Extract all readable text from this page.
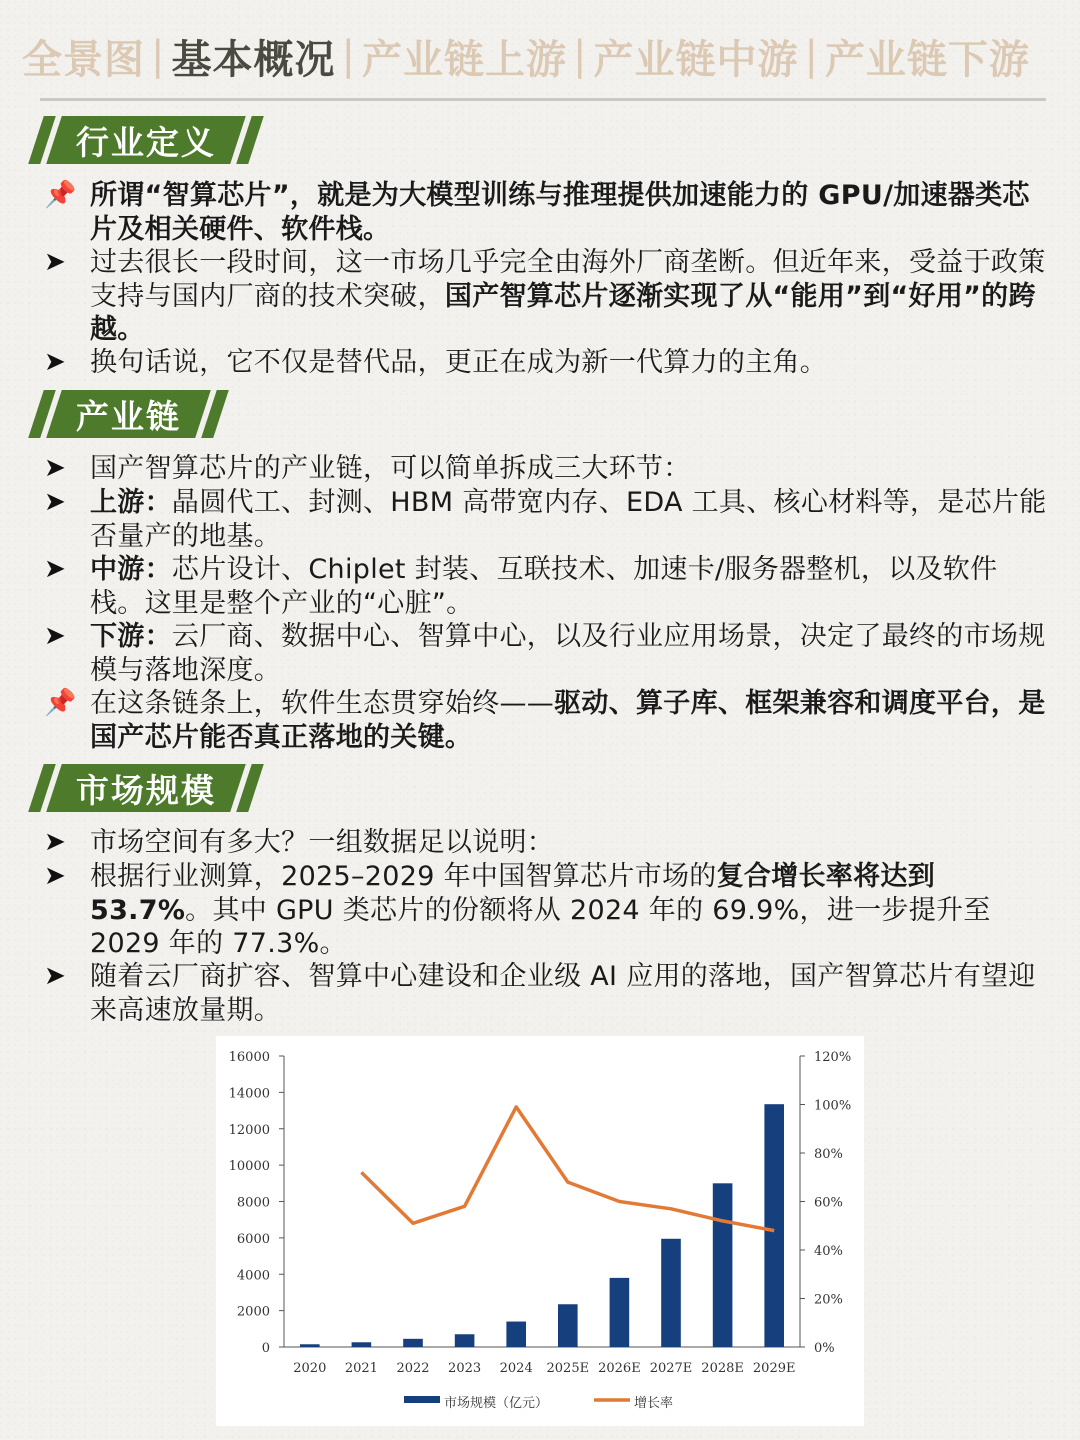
全景图 | 基本概况 | 产业链上游 | 产业链中游 | 产业链下游
行业定义
📌 所谓“智算芯片”，就是为大模型训练与推理提供加速能力的 GPU/加速器类芯片及相关硬件、软件栈。
➤ 过去很长一段时间，这一市场几乎完全由海外厂商垄断。但近年来，受益于政策支持与国内厂商的技术突破，国产智算芯片逐渐实现了从“能用”到“好用”的跨越。
➤ 换句话说，它不仅是替代品，更正在成为新一代算力的主角。
产业链
➤ 国产智算芯片的产业链，可以简单拆成三大环节：
➤ 上游：晶圆代工、封测、HBM 高带宽内存、EDA 工具、核心材料等，是芯片能否量产的地基。
➤ 中游：芯片设计、Chiplet 封装、互联技术、加速卡/服务器整机，以及软件栈。这里是整个产业的“心脏”。
➤ 下游：云厂商、数据中心、智算中心，以及行业应用场景，决定了最终的市场规模与落地深度。
📌 在这条链条上，软件生态贯穿始终——驱动、算子库、框架兼容和调度平台，是国产芯片能否真正落地的关键。
市场规模
➤ 市场空间有多大？一组数据足以说明：
➤ 根据行业测算，2025–2029 年中国智算芯片市场的复合增长率将达到 53.7%。其中 GPU 类芯片的份额将从 2024 年的 69.9%，进一步提升至 2029 年的 77.3%。
➤ 随着云厂商扩容、智算中心建设和企业级 AI 应用的落地，国产智算芯片有望迎来高速放量期。
0
2000
4000
6000
8000
10000
12000
14000
16000
0%
20%
40%
60%
80%
100%
120%
2020 2021 2022 2023 2024 2025E 2026E 2027E 2028E 2029E
市场规模（亿元）	增长率
